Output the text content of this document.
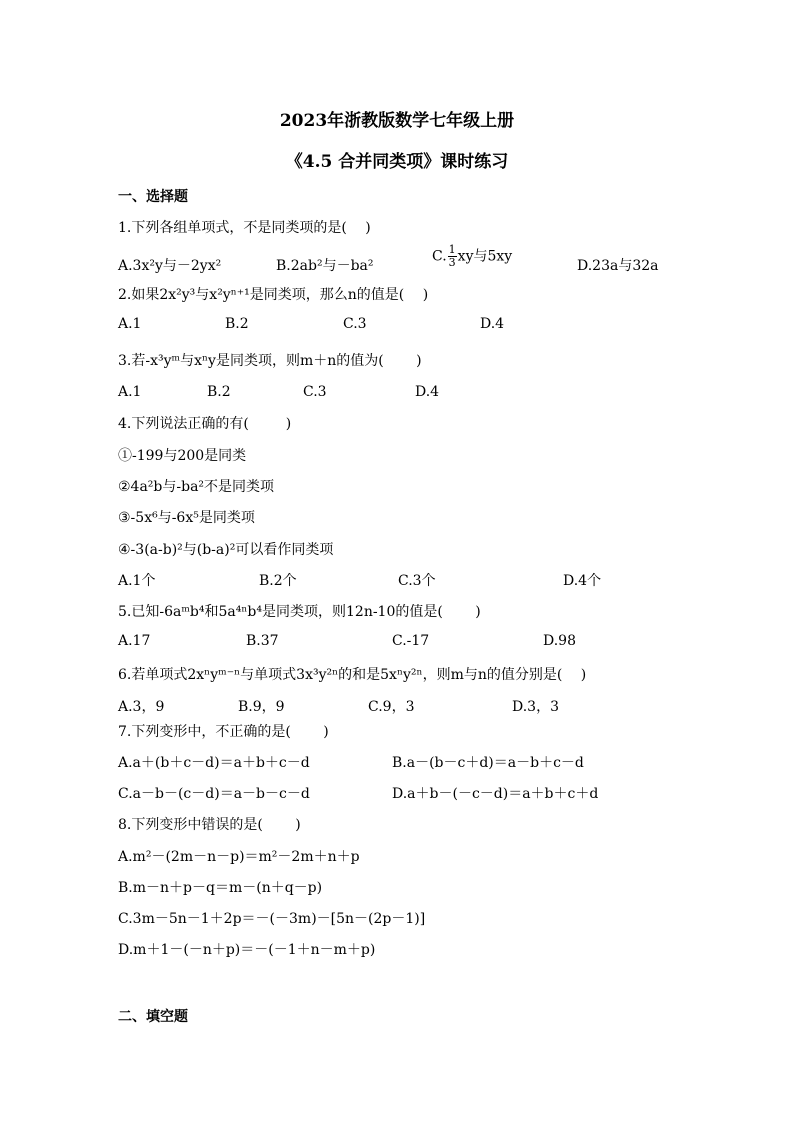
2023年浙教版数学七年级上册
《4.5 合并同类项》课时练习
一、选择题
1.下列各组单项式，不是同类项的是(　 )
A.3x²y与－2yx²	B.2ab²与－ba²
C. $\frac{1}{3}$ xy与5xy
D.23a与32a
2.如果2x²y³与x²yⁿ⁺¹是同类项，那么n的值是(　 )
A.1	B.2	C.3	D.4
3.若-x³yᵐ与xⁿy是同类项，则m＋n的值为(　 　)
A.1	B.2	C.3	D.4
4.下列说法正确的有(　 　 )
①-199与200是同类
②4a²b与-ba²不是同类项
③-5x⁶与-6x⁵是同类项
④-3(a-b)²与(b-a)²可以看作同类项
A.1个	B.2个	C.3个	D.4个
5.已知-6aᵐb⁴和5a⁴ⁿb⁴是同类项，则12n-10的值是(　 　)
A.17	B.37	C.-17	D.98
6.若单项式2xⁿyᵐ⁻ⁿ与单项式3x³y²ⁿ的和是5xⁿy²ⁿ，则m与n的值分别是(　 )
A.3，9	B.9，9	C.9，3	D.3，3
7.下列变形中，不正确的是(　 　)
A.a＋(b＋c－d)＝a＋b＋c－d	B.a－(b－c＋d)＝a－b＋c－d
C.a－b－(c－d)＝a－b－c－d	D.a＋b－(－c－d)＝a＋b＋c＋d
8.下列变形中错误的是(　 　)
A.m²－(2m－n－p)＝m²－2m＋n＋p
B.m－n＋p－q＝m－(n＋q－p)
C.3m－5n－1＋2p＝－(－3m)－[5n－(2p－1)]
D.m＋1－(－n＋p)＝－(－1＋n－m＋p)
二、填空题
